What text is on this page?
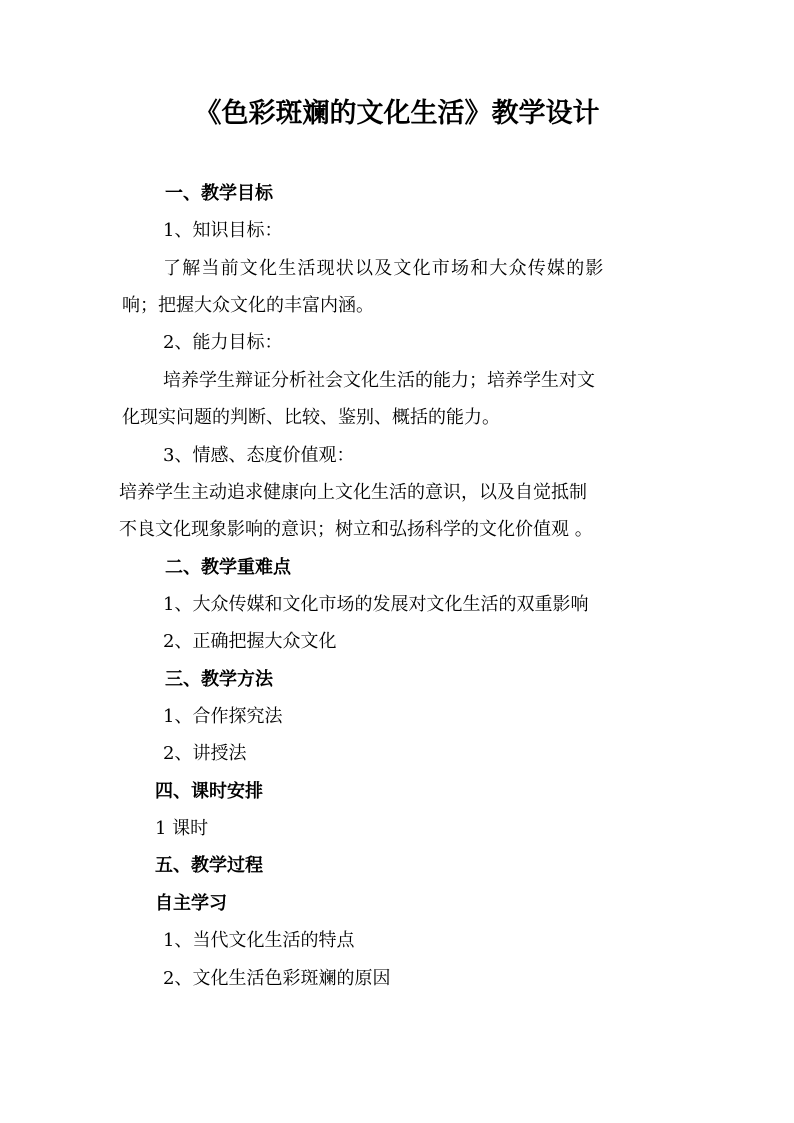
《色彩斑斓的文化生活》教学设计
一、教学目标
1、知识目标：
了解当前文化生活现状以及文化市场和大众传媒的影
响；把握大众文化的丰富内涵。
2、能力目标：
培养学生辩证分析社会文化生活的能力；培养学生对文
化现实问题的判断、比较、鉴别、概括的能力。
3、情感、态度价值观：
培养学生主动追求健康向上文化生活的意识，以及自觉抵制
不良文化现象影响的意识；树立和弘扬科学的文化价值观 。
二、教学重难点
1、大众传媒和文化市场的发展对文化生活的双重影响
2、正确把握大众文化
三、教学方法
1、合作探究法
2、讲授法
四、课时安排
1 课时
五、教学过程
自主学习
1、当代文化生活的特点
2、文化生活色彩斑斓的原因
